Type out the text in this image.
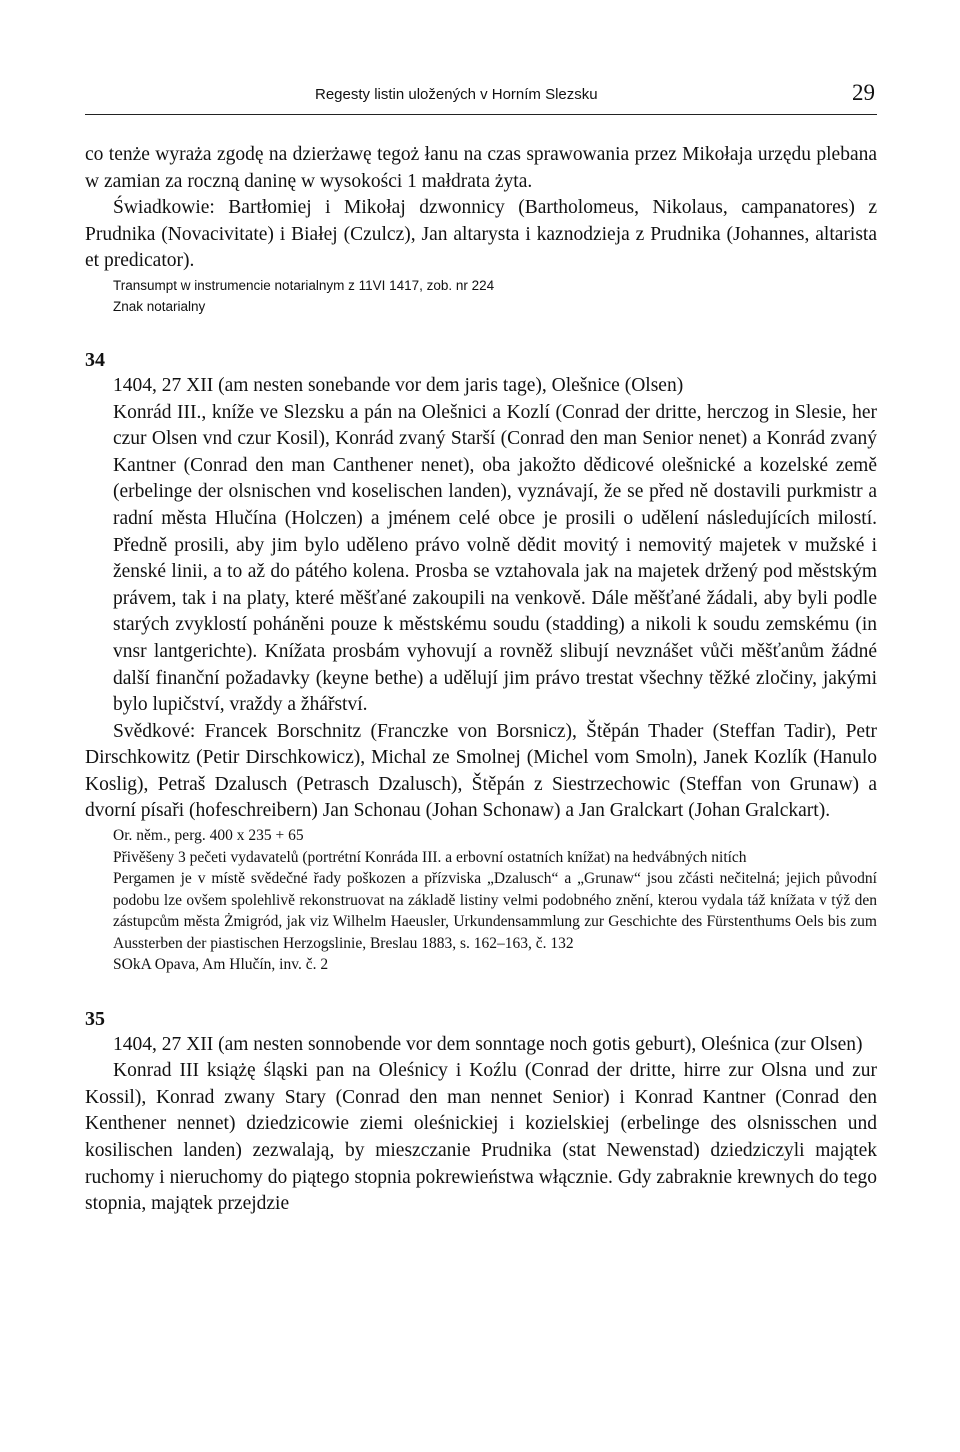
Regesty listin uložených v Horním Slezsku	29

co tenże wyraża zgodę na dzierżawę tegoż łanu na czas sprawowania przez Mikołaja urzędu plebana w zamian za roczną daninę w wysokości 1 małdrata żyta.

Świadkowie: Bartłomiej i Mikołaj dzwonnicy (Bartholomeus, Nikolaus, campanatores) z Prudnika (Novacivitate) i Białej (Czulcz), Jan altarysta i kaznodzieja z Prudnika (Johannes, altarista et predicator).

Transumpt w instrumencie notarialnym z 11VI 1417, zob. nr 224

Znak notarialny

34

1404, 27 XII (am nesten sonebande vor dem jaris tage), Olešnice (Olsen)

Konrád III., kníže ve Slezsku a pán na Olešnici a Kozlí (Conrad der dritte, herczog in Slesie, her czur Olsen vnd czur Kosil), Konrád zvaný Starší (Conrad den man Senior nenet) a Konrád zvaný Kantner (Conrad den man Canthener nenet), oba jakožto dědicové olešnické a kozelské země (erbelinge der olsnischen vnd koselischen landen), vyznávají, že se před ně dostavili purkmistr a radní města Hlučína (Holczen) a jménem celé obce je prosili o udělení následujících milostí. Předně prosili, aby jim bylo uděleno právo volně dědit movitý i nemovitý majetek v mužské i ženské linii, a to až do pátého kolena. Prosba se vztahovala jak na majetek držený pod městským právem, tak i na platy, které měšťané zakoupili na venkově. Dále měšťané žádali, aby byli podle starých zvyklostí poháněni pouze k městskému soudu (stadding) a nikoli k soudu zemskému (in vnsr lantgerichte). Knížata prosbám vyhovují a rovněž slibují nevznášet vůči měšťanům žádné další finanční požadavky (keyne bethe) a udělují jim právo trestat všechny těžké zločiny, jakými bylo lupičství, vraždy a žhářství.

Svědkové: Francek Borschnitz (Franczke von Borsnicz), Štěpán Thader (Steffan Tadir), Petr Dirschkowitz (Petir Dirschkowicz), Michal ze Smolnej (Michel vom Smoln), Janek Kozlík (Hanulo Koslig), Petraš Dzalusch (Petrasch Dzalusch), Štěpán z Siestrzechowic (Steffan von Grunaw) a dvorní písaři (hofeschreibern) Jan Schonau (Johan Schonaw) a Jan Gralckart (Johan Gralckart).

Or. něm., perg. 400 x 235 + 65

Přivěšeny 3 pečeti vydavatelů (portrétní Konráda III. a erbovní ostatních knížat) na hedvábných nitích

Pergamen je v místě svědečné řady poškozen a přízviska „Dzalusch“ a „Grunaw“ jsou zčásti nečitelná; jejich původní podobu lze ovšem spolehlivě rekonstruovat na základě listiny velmi podobného znění, kterou vydala táž knížata v týž den zástupcům města Żmigród, jak viz Wilhelm Haeusler, Urkundensammlung zur Geschichte des Fürstenthums Oels bis zum Aussterben der piastischen Herzogslinie, Breslau 1883, s. 162–163, č. 132

SOkA Opava, Am Hlučín, inv. č. 2

35

1404, 27 XII (am nesten sonnobende vor dem sonntage noch gotis geburt), Oleśnica (zur Olsen)

Konrad III książę śląski pan na Oleśnicy i Koźlu (Conrad der dritte, hirre zur Olsna und zur Kossil), Konrad zwany Stary (Conrad den man nennet Senior) i Konrad Kantner (Conrad den Kenthener nennet) dziedzicowie ziemi oleśnickiej i kozielskiej (erbelinge des olsnisschen und kosilischen landen) zezwalają, by mieszczanie Prudnika (stat Newenstad) dziedziczyli majątek ruchomy i nieruchomy do piątego stopnia pokrewieństwa włącznie. Gdy zabraknie krewnych do tego stopnia, majątek przejdzie
